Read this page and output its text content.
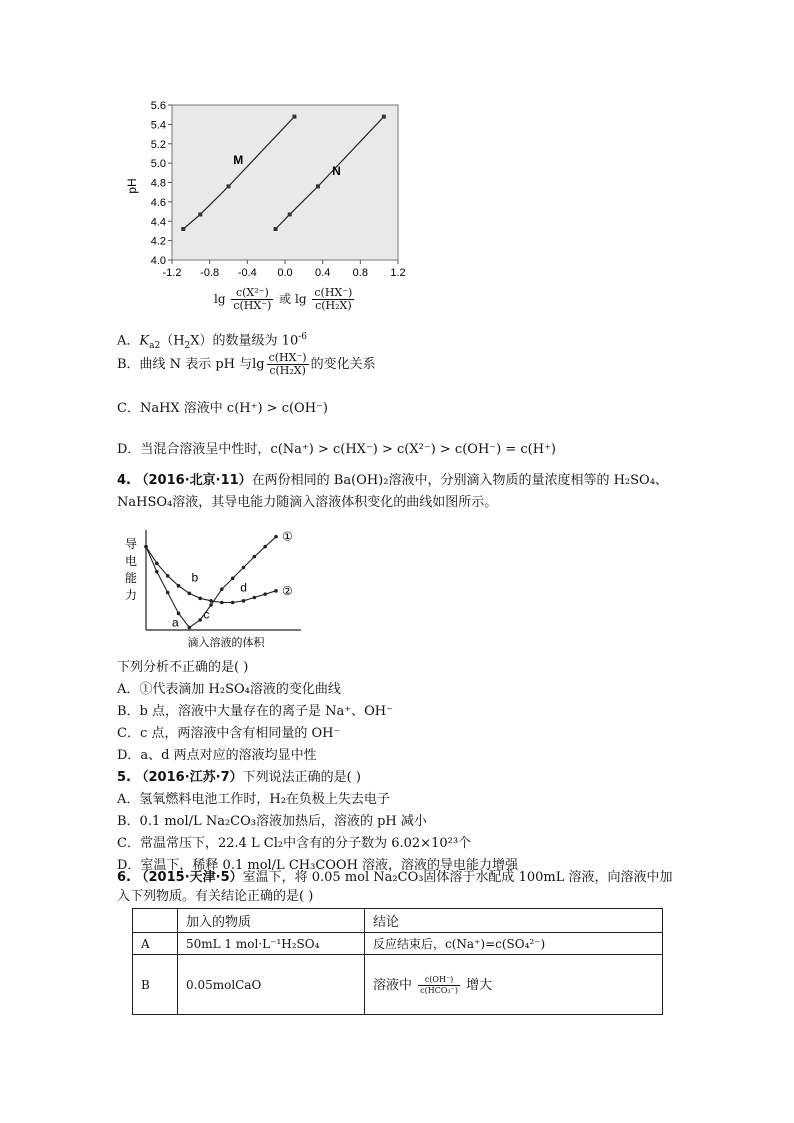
pH
4.0
4.2
4.4
4.6
4.8
5.0
5.2
5.4
5.6
-1.2 -0.8 -0.4 0.0 0.4 0.8 1.2
M
N
$\lg \frac{\text{c(X²⁻)}}{c(HX^-)}$ 或 $\lg \frac{c(HX^-)}{\text{c(H₂X)}}$
A．$K_{a2}(H_2X)$的数量级为 $10^{-6}$
B．曲线 N 表示 pH 与$\lg \frac{c(HX^-)}{\text{c(H₂X)}}$ 的变化关系
C．NaHX 溶液中 c(H⁺) > c(OH⁻)
D．当混合溶液呈中性时，c(Na⁺) > c(HX⁻) > c(X²⁻) > c(OH⁻) = c(H⁺)
4. （2016·北京·11）在两份相同的 Ba(OH)₂溶液中，分别滴入物质的量浓度相等的 H₂SO₄、
NaHSO₄溶液，其导电能力随滴入溶液体积变化的曲线如图所示。
导
电
能
力
滴入溶液的体积
①
②
a
b
c
d
下列分析不正确的是( )
A．①代表滴加 H₂SO₄溶液的变化曲线
B．b 点，溶液中大量存在的离子是 Na⁺、OH⁻
C．c 点，两溶液中含有相同量的 OH⁻
D．a、d 两点对应的溶液均显中性
5. （2016·江苏·7）下列说法正确的是( )
A．氢氧燃料电池工作时，H₂在负极上失去电子
B．0.1 mol/L Na₂CO₃溶液加热后，溶液的 pH 减小
C．常温常压下，22.4 L Cl₂中含有的分子数为 6.02×10²³个
D．室温下，稀释 0.1 mol/L CH₃COOH 溶液，溶液的导电能力增强
6. （2015·天津·5）室温下，将 0.05 mol Na₂CO₃固体溶于水配成 100mL 溶液，向溶液中加
入下列物质。有关结论正确的是( )
	加入的物质	结论
A	50mL 1 mol·L⁻¹H₂SO₄	反应结束后，c(Na⁺)=c(SO₄²⁻)
B	0.05molCaO	溶液中 $\frac{c(OH^-)}{\text{c(HCO₃⁻)}}$ 增大
